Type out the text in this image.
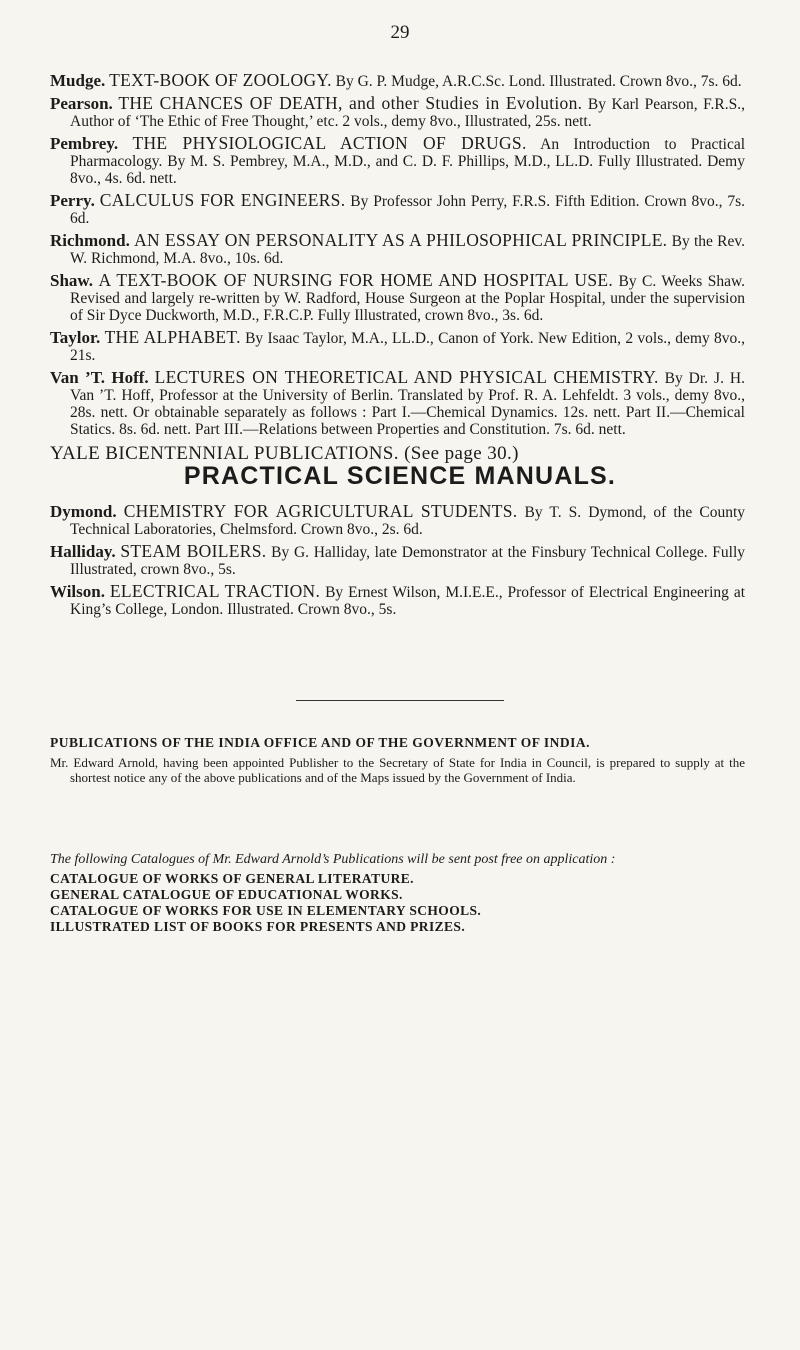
29
Mudge. TEXT-BOOK OF ZOOLOGY. By G. P. Mudge, A.R.C.Sc. Lond. Illustrated. Crown 8vo., 7s. 6d.
Pearson. THE CHANCES OF DEATH, and other Studies in Evolution. By Karl Pearson, F.R.S., Author of ‘The Ethic of Free Thought,’ etc. 2 vols., demy 8vo., Illustrated, 25s. nett.
Pembrey. THE PHYSIOLOGICAL ACTION OF DRUGS. An Introduction to Practical Pharmacology. By M. S. Pembrey, M.A., M.D., and C. D. F. Phillips, M.D., LL.D. Fully Illustrated. Demy 8vo., 4s. 6d. nett.
Perry. CALCULUS FOR ENGINEERS. By Professor John Perry, F.R.S. Fifth Edition. Crown 8vo., 7s. 6d.
Richmond. AN ESSAY ON PERSONALITY AS A PHILOSOPHICAL PRINCIPLE. By the Rev. W. Richmond, M.A. 8vo., 10s. 6d.
Shaw. A TEXT-BOOK OF NURSING FOR HOME AND HOSPITAL USE. By C. Weeks Shaw. Revised and largely re-written by W. Radford, House Surgeon at the Poplar Hospital, under the supervision of Sir Dyce Duckworth, M.D., F.R.C.P. Fully Illustrated, crown 8vo., 3s. 6d.
Taylor. THE ALPHABET. By Isaac Taylor, M.A., LL.D., Canon of York. New Edition, 2 vols., demy 8vo., 21s.
Van ’T. Hoff. LECTURES ON THEORETICAL AND PHYSICAL CHEMISTRY. By Dr. J. H. Van ’T. Hoff, Professor at the University of Berlin. Translated by Prof. R. A. Lehfeldt. 3 vols., demy 8vo., 28s. nett. Or obtainable separately as follows : Part I.—Chemical Dynamics. 12s. nett. Part II.—Chemical Statics. 8s. 6d. nett. Part III.—Relations between Properties and Constitution. 7s. 6d. nett.
YALE BICENTENNIAL PUBLICATIONS. (See page 30.)
PRACTICAL SCIENCE MANUALS.
Dymond. CHEMISTRY FOR AGRICULTURAL STUDENTS. By T. S. Dymond, of the County Technical Laboratories, Chelmsford. Crown 8vo., 2s. 6d.
Halliday. STEAM BOILERS. By G. Halliday, late Demonstrator at the Finsbury Technical College. Fully Illustrated, crown 8vo., 5s.
Wilson. ELECTRICAL TRACTION. By Ernest Wilson, M.I.E.E., Professor of Electrical Engineering at King’s College, London. Illustrated. Crown 8vo., 5s.
PUBLICATIONS OF THE INDIA OFFICE AND OF THE GOVERNMENT OF INDIA.
Mr. Edward Arnold, having been appointed Publisher to the Secretary of State for India in Council, is prepared to supply at the shortest notice any of the above publications and of the Maps issued by the Government of India.
The following Catalogues of Mr. Edward Arnold’s Publications will be sent post free on application :
CATALOGUE OF WORKS OF GENERAL LITERATURE.
GENERAL CATALOGUE OF EDUCATIONAL WORKS.
CATALOGUE OF WORKS FOR USE IN ELEMENTARY SCHOOLS.
ILLUSTRATED LIST OF BOOKS FOR PRESENTS AND PRIZES.
